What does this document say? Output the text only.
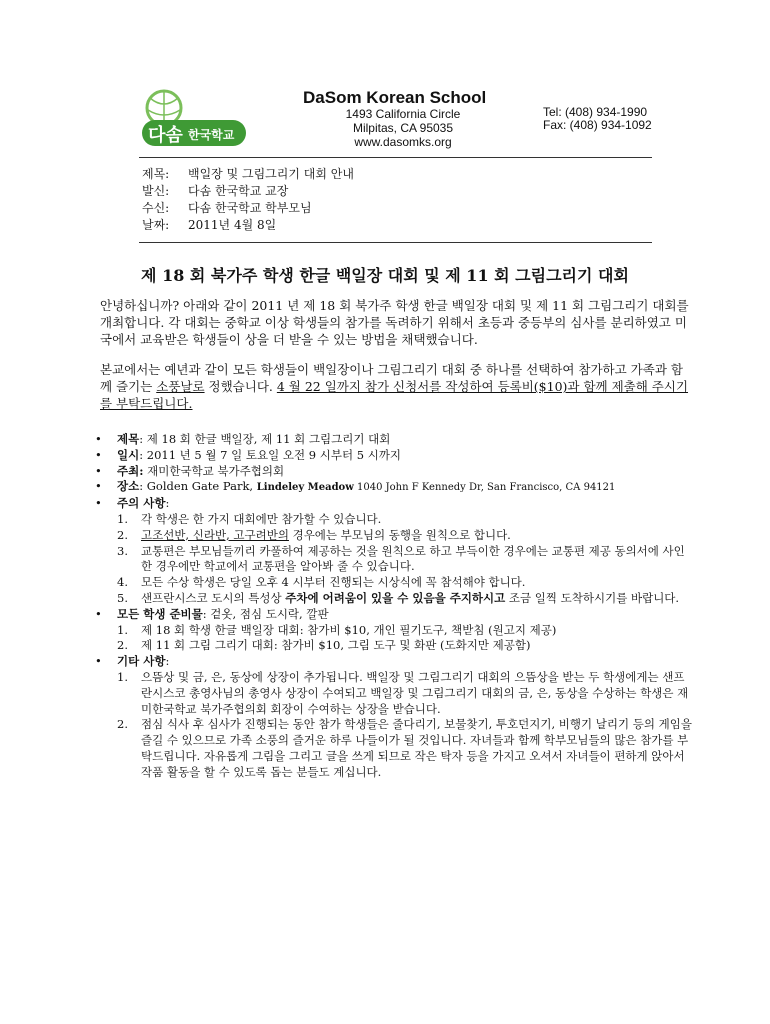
다솜 한국학교
DaSom Korean School
1493 California Circle
Milpitas, CA 95035
www.dasomks.org
Tel: (408) 934-1990
Fax: (408) 934-1092
제목:	백일장 및 그림그리기 대회 안내
발신:	다솜 한국학교 교장
수신:	다솜 한국학교 학부모님
날짜:	2011년 4월 8일
제 18 회 북가주 학생 한글 백일장 대회 및 제 11 회 그림그리기 대회
안녕하십니까? 아래와 같이 2011 년 제 18 회 북가주 학생 한글 백일장 대회 및 제 11 회 그림그리기 대회를 개최합니다. 각 대회는 중학교 이상 학생들의 참가를 독려하기 위해서 초등과 중등부의 심사를 분리하였고 미국에서 교육받은 학생들이 상을 더 받을 수 있는 방법을 채택했습니다.
본교에서는 예년과 같이 모든 학생들이 백일장이나 그림그리기 대회 중 하나를 선택하여 참가하고 가족과 함께 즐기는 소풍날로 정했습니다. 4 월 22 일까지 참가 신청서를 작성하여 등록비($10)과 함께 제출해 주시기를 부탁드립니다.
•	제목: 제 18 회 한글 백일장, 제 11 회 그림그리기 대회
•	일시: 2011 년 5 월 7 일 토요일 오전 9 시부터 5 시까지
•	주최: 재미한국학교 북가주협의회
•	장소: Golden Gate Park, Lindeley Meadow 1040 John F Kennedy Dr, San Francisco, CA 94121
•	주의 사항:
1.	각 학생은 한 가지 대회에만 참가할 수 있습니다.
2.	고조선반, 신라반, 고구려반의 경우에는 부모님의 동행을 원칙으로 합니다.
3.	교통편은 부모님들끼리 카풀하여 제공하는 것을 원칙으로 하고 부득이한 경우에는 교통편 제공 동의서에 사인한 경우에만 학교에서 교통편을 알아봐 줄 수 있습니다.
4.	모든 수상 학생은 당일 오후 4 시부터 진행되는 시상식에 꼭 참석해야 합니다.
5.	샌프란시스코 도시의 특성상 주차에 어려움이 있을 수 있음을 주지하시고 조금 일찍 도착하시기를 바랍니다.
•	모든 학생 준비물: 겉옷, 점심 도시락, 깔판
1.	제 18 회 학생 한글 백일장 대회: 참가비 $10, 개인 필기도구, 책받침 (원고지 제공)
2.	제 11 회 그림 그리기 대회: 참가비 $10, 그림 도구 및 화판 (도화지만 제공함)
•	기타 사항:
1.	으뜸상 및 금, 은, 동상에 상장이 추가됩니다. 백일장 및 그림그리기 대회의 으뜸상을 받는 두 학생에게는 샌프란시스코 총영사님의 총영사 상장이 수여되고 백일장 및 그림그리기 대회의 금, 은, 동상을 수상하는 학생은 재미한국학교 북가주협의회 회장이 수여하는 상장을 받습니다.
2.	점심 식사 후 심사가 진행되는 동안 참가 학생들은 줄다리기, 보물찾기, 투호던지기, 비행기 날리기 등의 게임을 즐길 수 있으므로 가족 소풍의 즐거운 하루 나들이가 될 것입니다. 자녀들과 함께 학부모님들의 많은 참가를 부탁드립니다. 자유롭게 그림을 그리고 글을 쓰게 되므로 작은 탁자 등을 가지고 오셔서 자녀들이 편하게 앉아서 작품 활동을 할 수 있도록 돕는 분들도 계십니다.
